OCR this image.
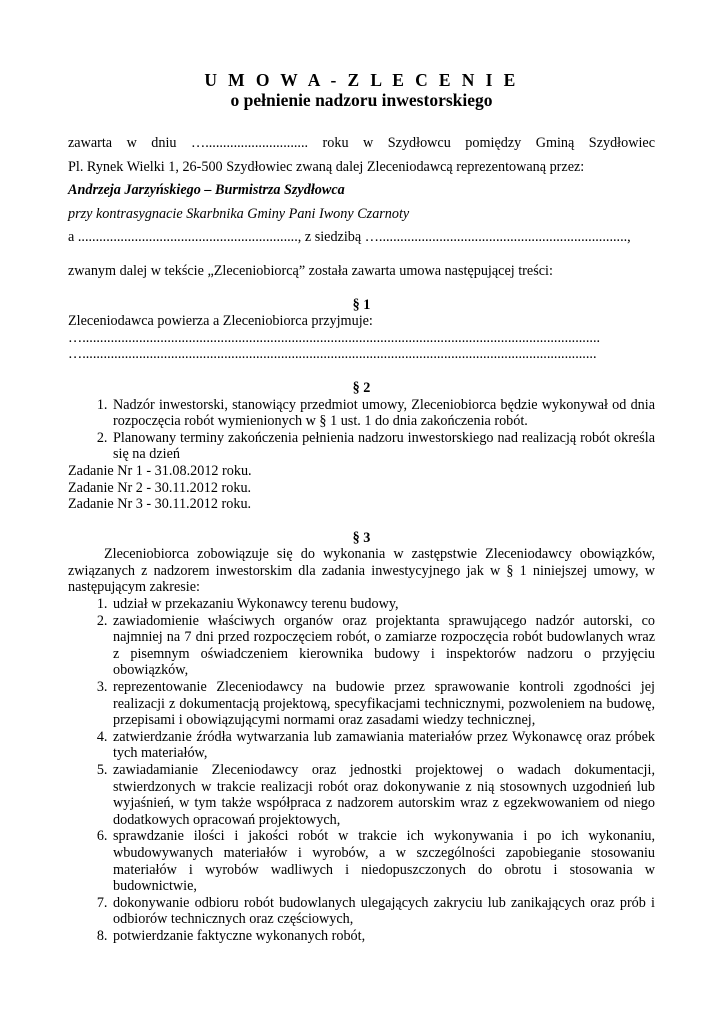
U M O W A - Z L E C E N I E

o pełnienie nadzoru inwestorskiego

zawarta w dniu …............................. roku w Szydłowcu pomiędzy Gminą Szydłowiec

Pl. Rynek Wielki 1, 26-500 Szydłowiec zwaną dalej Zleceniodawcą reprezentowaną przez:

Andrzeja Jarzyńskiego – Burmistrza Szydłowca

przy kontrasygnacie Skarbnika Gminy Pani Iwony Czarnoty

a .............................................................., z siedzibą …......................................................................,

zwanym dalej w tekście „Zleceniobiorcą” została zawarta umowa następującej treści:

§ 1

Zleceniodawca powierza a Zleceniobiorca przyjmuje:

…..................................................................................................................................................

….................................................................................................................................................

§ 2

1. Nadzór inwestorski, stanowiący przedmiot umowy, Zleceniobiorca będzie wykonywał od dnia rozpoczęcia robót wymienionych w § 1 ust. 1 do dnia zakończenia robót.
2. Planowany terminy zakończenia pełnienia nadzoru inwestorskiego nad realizacją robót określa się na dzień

Zadanie Nr 1 - 31.08.2012 roku.

Zadanie Nr 2 - 30.11.2012 roku.

Zadanie Nr 3 - 30.11.2012 roku.

§ 3

Zleceniobiorca zobowiązuje się do wykonania w zastępstwie Zleceniodawcy obowiązków, związanych z nadzorem inwestorskim dla zadania inwestycyjnego jak w § 1 niniejszej umowy, w następującym zakresie:

1. udział w przekazaniu Wykonawcy terenu budowy,
2. zawiadomienie właściwych organów oraz projektanta sprawującego nadzór autorski, co najmniej na 7 dni przed rozpoczęciem robót, o zamiarze rozpoczęcia robót budowlanych wraz z pisemnym oświadczeniem kierownika budowy i inspektorów nadzoru o przyjęciu obowiązków,
3. reprezentowanie Zleceniodawcy na budowie przez sprawowanie kontroli zgodności jej realizacji z dokumentacją projektową, specyfikacjami technicznymi, pozwoleniem na budowę, przepisami i obowiązującymi normami oraz zasadami wiedzy technicznej,
4. zatwierdzanie źródła wytwarzania lub zamawiania materiałów przez Wykonawcę oraz próbek tych materiałów,
5. zawiadamianie Zleceniodawcy oraz jednostki projektowej o wadach dokumentacji, stwierdzonych w trakcie realizacji robót oraz dokonywanie z nią stosownych uzgodnień lub wyjaśnień, w tym także współpraca z nadzorem autorskim wraz z egzekwowaniem od niego dodatkowych opracowań projektowych,
6. sprawdzanie ilości i jakości robót w trakcie ich wykonywania i po ich wykonaniu, wbudowywanych materiałów i wyrobów, a w szczególności zapobieganie stosowaniu materiałów i wyrobów wadliwych i niedopuszczonych do obrotu i stosowania w budownictwie,
7. dokonywanie odbioru robót budowlanych ulegających zakryciu lub zanikających oraz prób i odbiorów technicznych oraz częściowych,
8. potwierdzanie faktyczne wykonanych robót,
